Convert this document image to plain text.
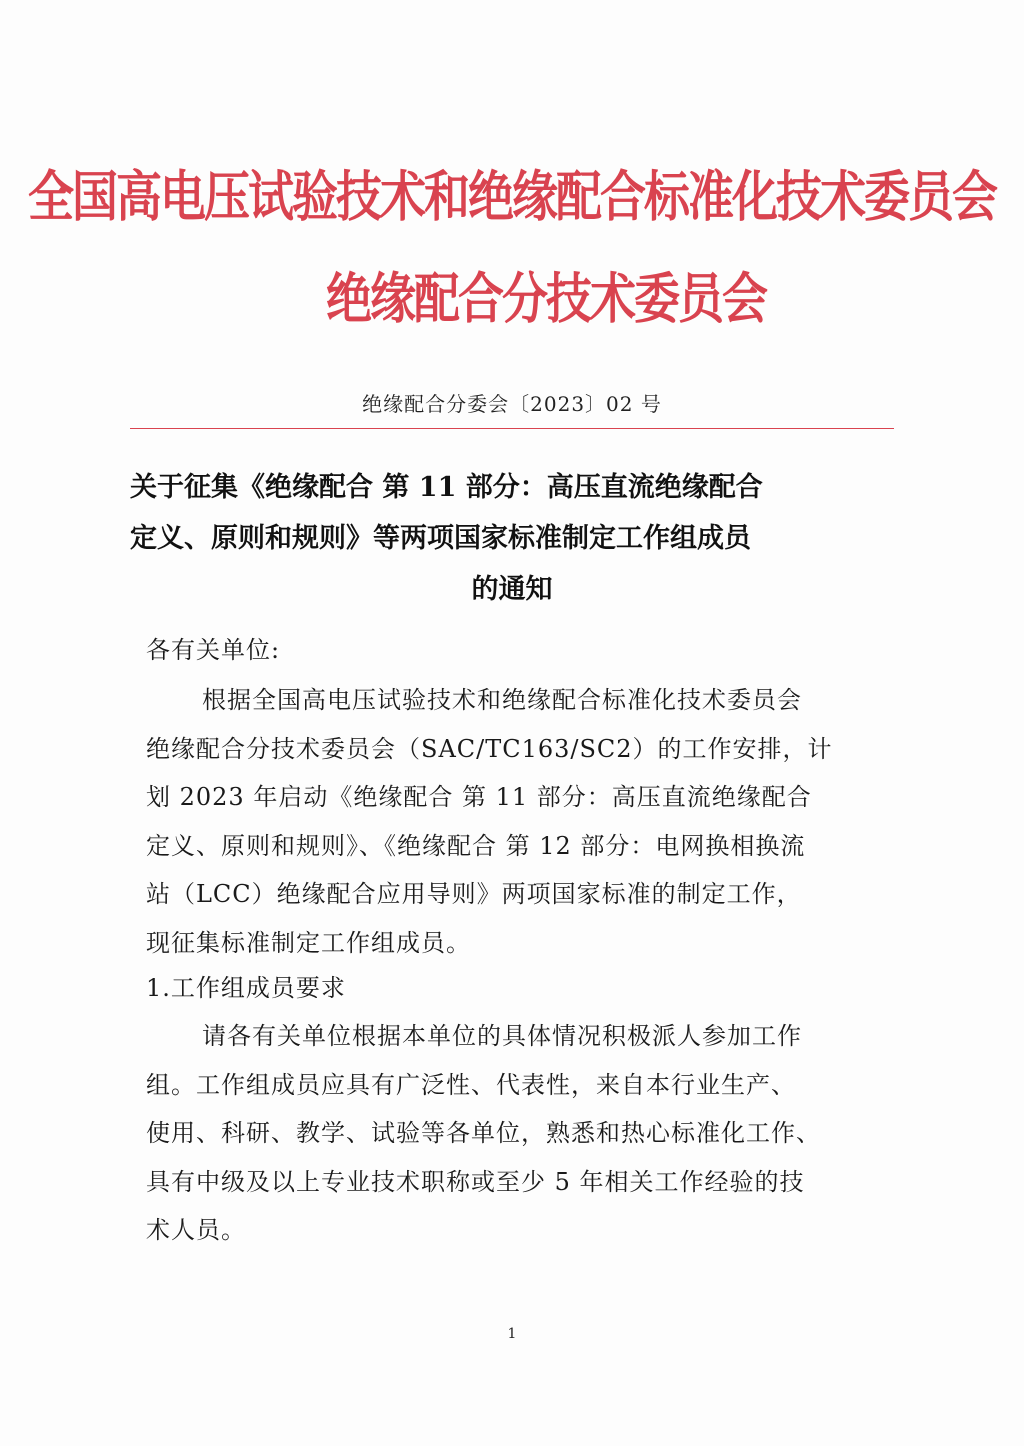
全国高电压试验技术和绝缘配合标准化技术委员会
绝缘配合分技术委员会
绝缘配合分委会〔2023〕02 号
关于征集《绝缘配合 第 11 部分：高压直流绝缘配合
定义、原则和规则》等两项国家标准制定工作组成员
的通知
各有关单位:
根据全国高电压试验技术和绝缘配合标准化技术委员会
绝缘配合分技术委员会（SAC/TC163/SC2）的工作安排，计
划 2023 年启动《绝缘配合 第 11 部分：高压直流绝缘配合
定义、原则和规则》、《绝缘配合 第 12 部分：电网换相换流
站（LCC）绝缘配合应用导则》两项国家标准的制定工作，
现征集标准制定工作组成员。
1.工作组成员要求
请各有关单位根据本单位的具体情况积极派人参加工作
组。工作组成员应具有广泛性、代表性，来自本行业生产、
使用、科研、教学、试验等各单位，熟悉和热心标准化工作、
具有中级及以上专业技术职称或至少 5 年相关工作经验的技
术人员。
1
